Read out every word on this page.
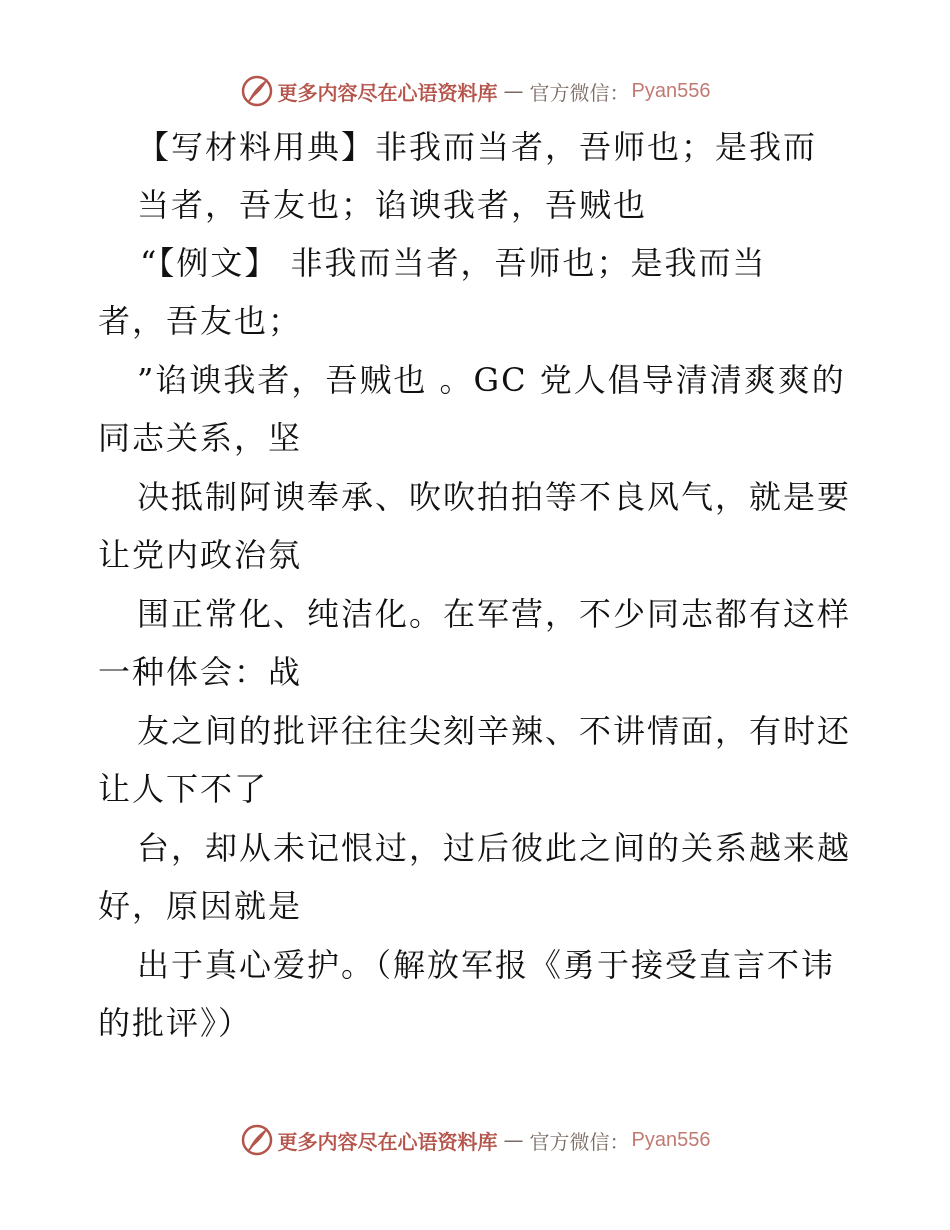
更多内容尽在心语资料库 — 官方微信： Pyan556

【写材料用典】非我而当者，吾师也；是我而

当者，吾友也；谄谀我者，吾贼也

“【例文】 非我而当者，吾师也；是我而当

者，吾友也；

”谄谀我者，吾贼也 。GC 党人倡导清清爽爽的

同志关系，坚

决抵制阿谀奉承、吹吹拍拍等不良风气，就是要

让党内政治氛

围正常化、纯洁化。在军营，不少同志都有这样

一种体会：战

友之间的批评往往尖刻辛辣、不讲情面，有时还

让人下不了

台，却从未记恨过，过后彼此之间的关系越来越

好，原因就是

出于真心爱护。（解放军报《勇于接受直言不讳

的批评》）

更多内容尽在心语资料库 — 官方微信： Pyan556
